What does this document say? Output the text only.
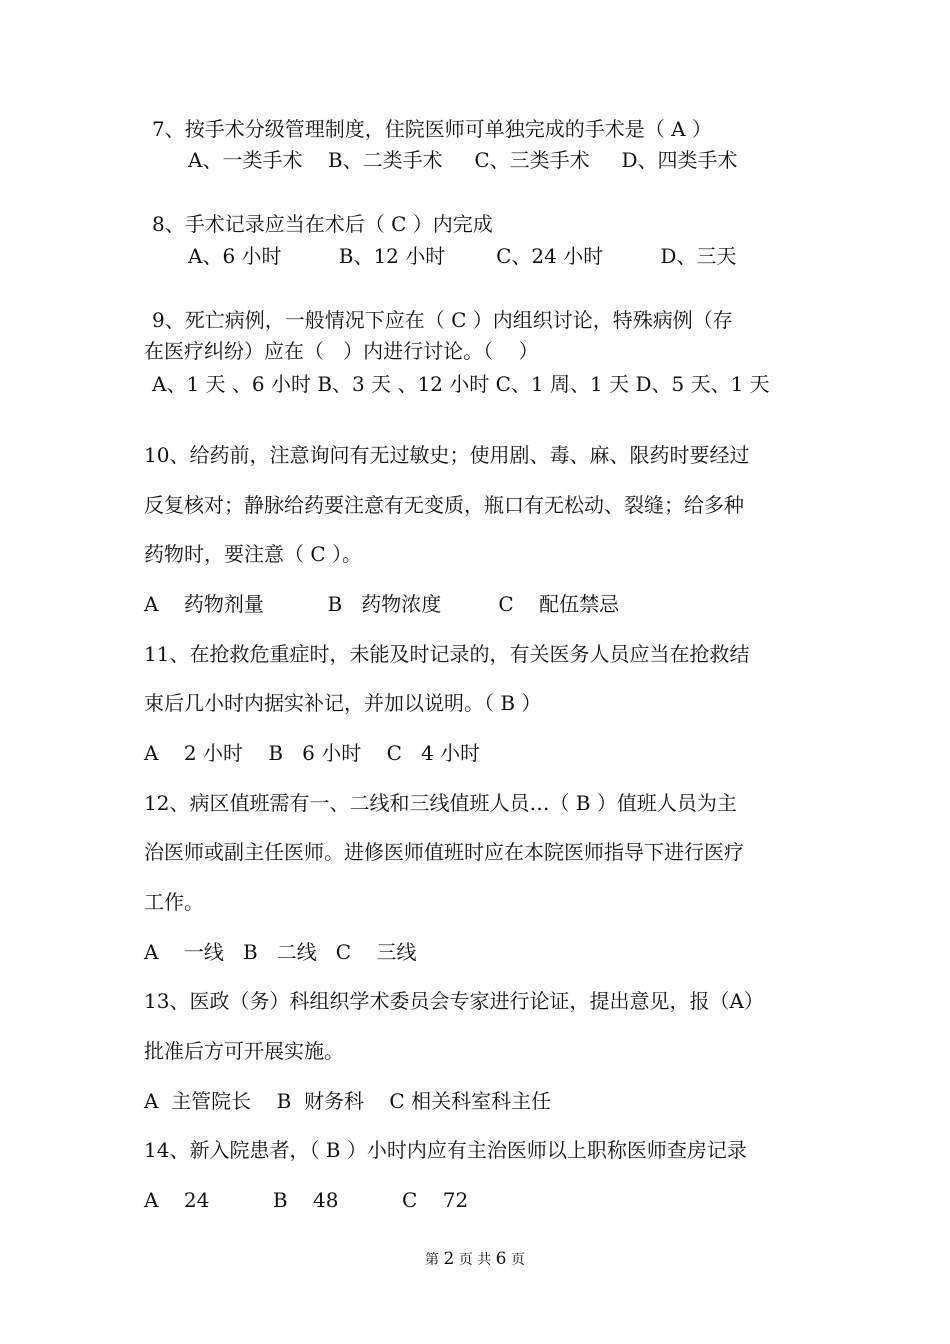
7、按手术分级管理制度，住院医师可单独完成的手术是（ A ）
A、一类手术    B、二类手术     C、三类手术     D、四类手术
8、手术记录应当在术后（ C ）内完成
A、6 小时         B、12 小时        C、24 小时         D、三天
9、死亡病例，一般情况下应在（ C ）内组织讨论，特殊病例（存
在医疗纠纷）应在（   ）内进行讨论。（    ）
A、1 天 、6 小时 B、3 天 、12 小时 C、1 周、1 天 D、5 天、1 天
10、给药前，注意询问有无过敏史；使用剧、毒、麻、限药时要经过
反复核对；静脉给药要注意有无变质，瓶口有无松动、裂缝；给多种
药物时，要注意（ C ）。
A    药物剂量          B   药物浓度         C    配伍禁忌
11、在抢救危重症时，未能及时记录的，有关医务人员应当在抢救结
束后几小时内据实补记，并加以说明。（ B ）
A    2 小时    B   6 小时    C   4 小时
12、病区值班需有一、二线和三线值班人员…（ B ）值班人员为主
治医师或副主任医师。进修医师值班时应在本院医师指导下进行医疗
工作。
A    一线   B   二线   C    三线
13、医政（务）科组织学术委员会专家进行论证，提出意见，报（A）
批准后方可开展实施。
A  主管院长    B  财务科    C 相关科室科主任
14、新入院患者，（ B ）小时内应有主治医师以上职称医师查房记录
A    24          B    48          C    72
第 2 页 共 6 页
